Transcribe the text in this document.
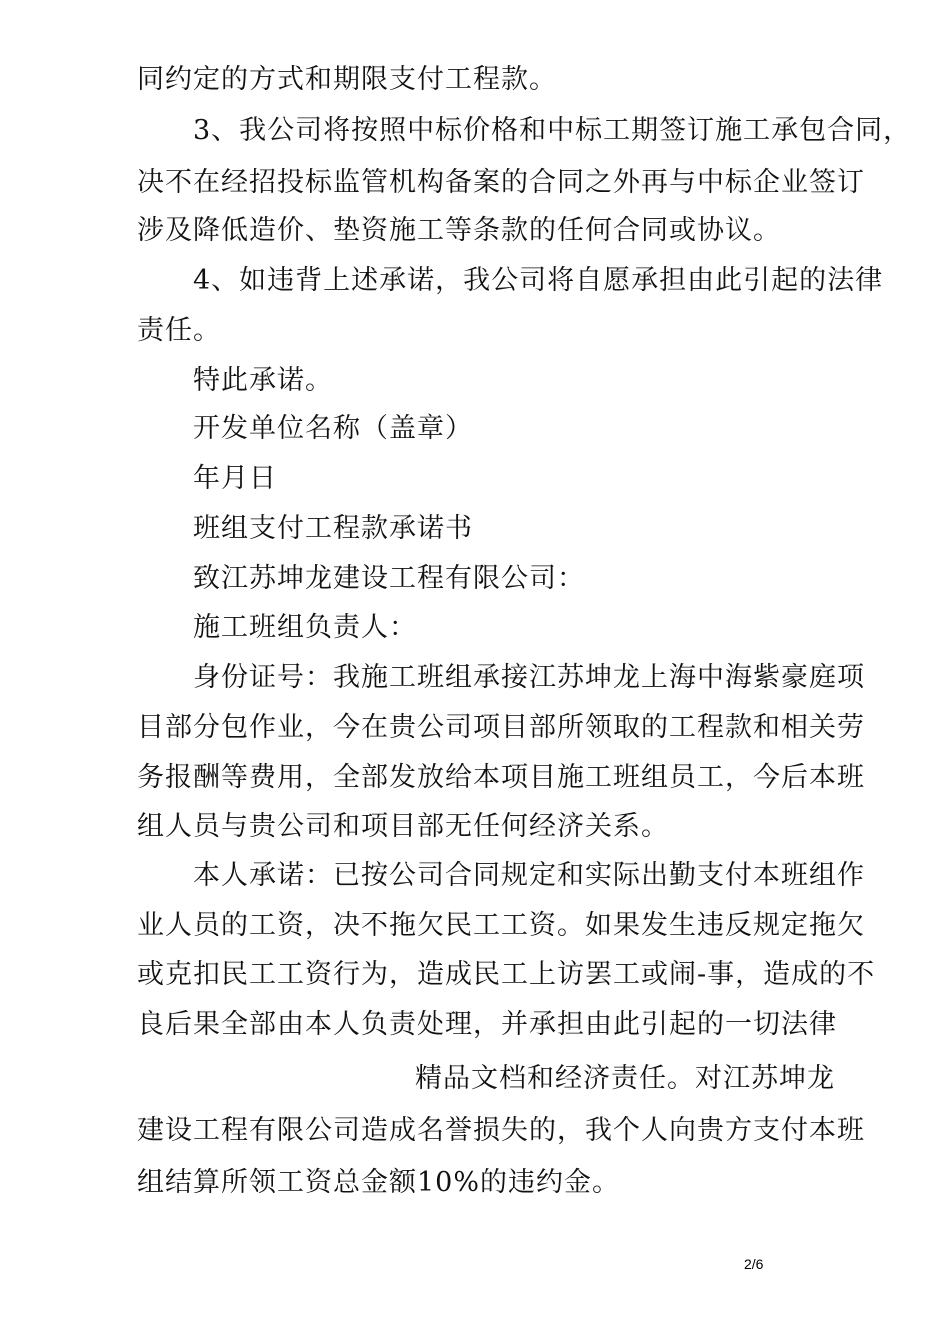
同约定的方式和期限支付工程款。
3、我公司将按照中标价格和中标工期签订施工承包合同，
决不在经招投标监管机构备案的合同之外再与中标企业签订
涉及降低造价、垫资施工等条款的任何合同或协议。
4、如违背上述承诺，我公司将自愿承担由此引起的法律
责任。
特此承诺。
开发单位名称（盖章）
年月日
班组支付工程款承诺书
致江苏坤龙建设工程有限公司：
施工班组负责人：
身份证号：我施工班组承接江苏坤龙上海中海紫豪庭项
目部分包作业，今在贵公司项目部所领取的工程款和相关劳
务报酬等费用，全部发放给本项目施工班组员工，今后本班
组人员与贵公司和项目部无任何经济关系。
本人承诺：已按公司合同规定和实际出勤支付本班组作
业人员的工资，决不拖欠民工工资。如果发生违反规定拖欠
或克扣民工工资行为，造成民工上访罢工或闹-事，造成的不
良后果全部由本人负责处理，并承担由此引起的一切法律
精品文档和经济责任。对江苏坤龙
建设工程有限公司造成名誉损失的，我个人向贵方支付本班
组结算所领工资总金额10%的违约金。
2/6
